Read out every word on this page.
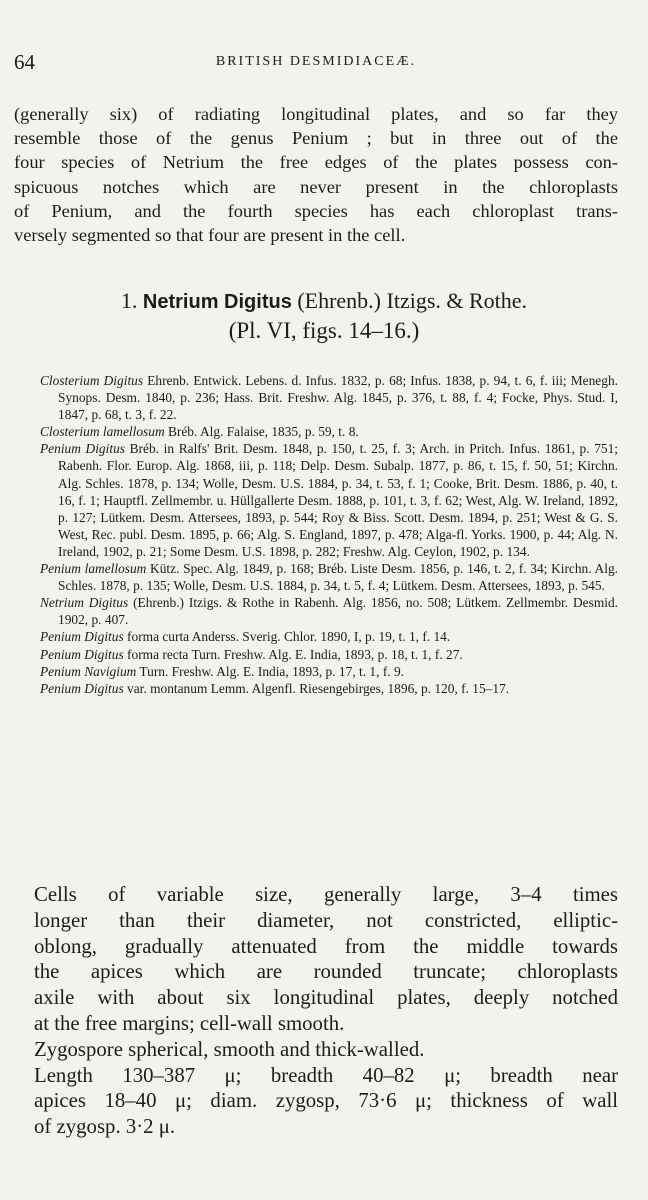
64	BRITISH DESMIDIACEÆ.

(generally six) of radiating longitudinal plates, and so far they
resemble those of the genus Penium ; but in three out of the
four species of Netrium the free edges of the plates possess con-
spicuous notches which are never present in the chloroplasts
of Penium, and the fourth species has each chloroplast trans-
versely segmented so that four are present in the cell.

1. Netrium Digitus (Ehrenb.) Itzigs. & Rothe.
(Pl. VI, figs. 14–16.)

Closterium Digitus Ehrenb. Entwick. Lebens. d. Infus. 1832, p. 68; Infus. 1838, p. 94, t. 6, f. iii; Menegh. Synops. Desm. 1840, p. 236; Hass. Brit. Freshw. Alg. 1845, p. 376, t. 88, f. 4; Focke, Phys. Stud. I, 1847, p. 68, t. 3, f. 22.

Closterium lamellosum Bréb. Alg. Falaise, 1835, p. 59, t. 8.

Penium Digitus Bréb. in Ralfs' Brit. Desm. 1848, p. 150, t. 25, f. 3; Arch. in Pritch. Infus. 1861, p. 751; Rabenh. Flor. Europ. Alg. 1868, iii, p. 118; Delp. Desm. Subalp. 1877, p. 86, t. 15, f. 50, 51; Kirchn. Alg. Schles. 1878, p. 134; Wolle, Desm. U.S. 1884, p. 34, t. 53, f. 1; Cooke, Brit. Desm. 1886, p. 40, t. 16, f. 1; Hauptfl. Zellmembr. u. Hüllgallerte Desm. 1888, p. 101, t. 3, f. 62; West, Alg. W. Ireland, 1892, p. 127; Lütkem. Desm. Attersees, 1893, p. 544; Roy & Biss. Scott. Desm. 1894, p. 251; West & G. S. West, Rec. publ. Desm. 1895, p. 66; Alg. S. England, 1897, p. 478; Alga-fl. Yorks. 1900, p. 44; Alg. N. Ireland, 1902, p. 21; Some Desm. U.S. 1898, p. 282; Freshw. Alg. Ceylon, 1902, p. 134.

Penium lamellosum Kütz. Spec. Alg. 1849, p. 168; Bréb. Liste Desm. 1856, p. 146, t. 2, f. 34; Kirchn. Alg. Schles. 1878, p. 135; Wolle, Desm. U.S. 1884, p. 34, t. 5, f. 4; Lütkem. Desm. Attersees, 1893, p. 545.

Netrium Digitus (Ehrenb.) Itzigs. & Rothe in Rabenh. Alg. 1856, no. 508; Lütkem. Zellmembr. Desmid. 1902, p. 407.

Penium Digitus forma curta Anderss. Sverig. Chlor. 1890, I, p. 19, t. 1, f. 14.

Penium Digitus forma recta Turn. Freshw. Alg. E. India, 1893, p. 18, t. 1, f. 27.

Penium Navigium Turn. Freshw. Alg. E. India, 1893, p. 17, t. 1, f. 9.

Penium Digitus var. montanum Lemm. Algenfl. Riesengebirges, 1896, p. 120, f. 15–17.

Cells of variable size, generally large, 3–4 times
longer than their diameter, not constricted, elliptic-
oblong, gradually attenuated from the middle towards
the apices which are rounded truncate; chloroplasts
axile with about six longitudinal plates, deeply notched
at the free margins; cell-wall smooth.

Zygospore spherical, smooth and thick-walled.

Length 130–387 μ; breadth 40–82 μ; breadth near
apices 18–40 μ; diam. zygosp, 73·6 μ; thickness of wall
of zygosp. 3·2 μ.
